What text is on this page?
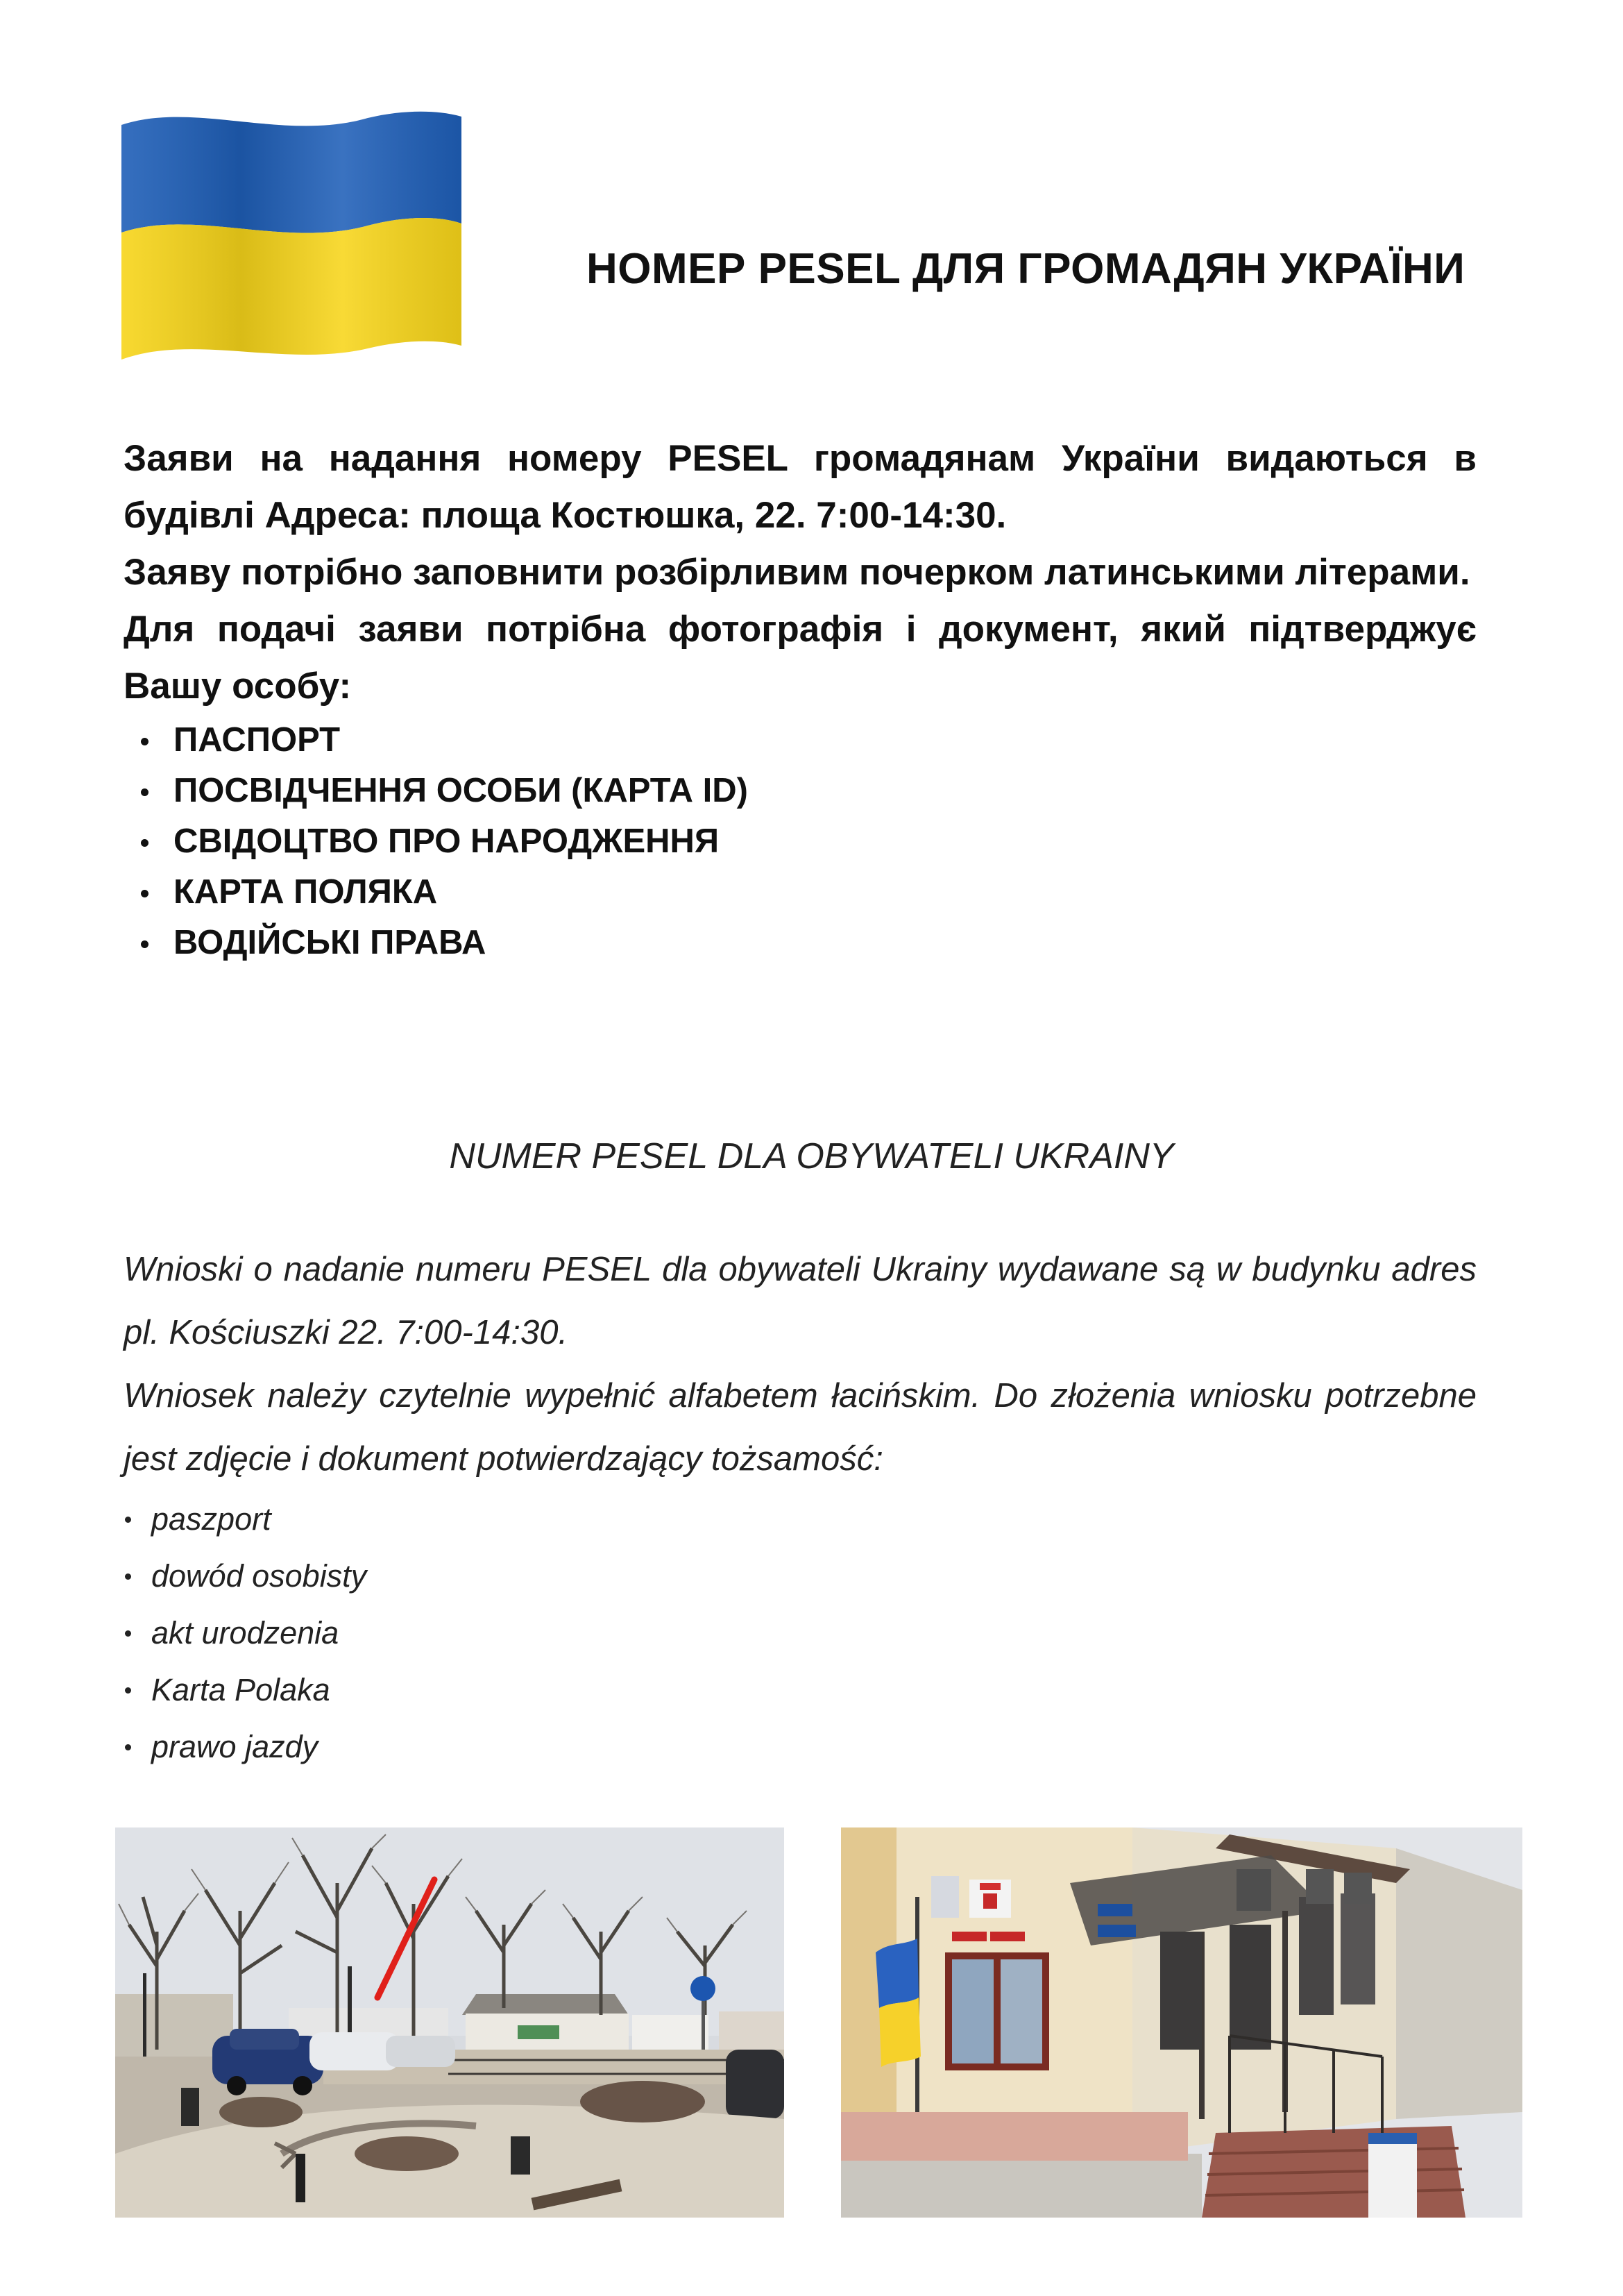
НОМЕР PESEL ДЛЯ ГРОМАДЯН УКРАЇНИ

Заяви на надання номеру PESEL громадянам України видаються в будівлі Адреса: площа Костюшка, 22. 7:00-14:30.

Заяву потрібно заповнити розбірливим почерком латинськими літерами.

Для подачі заяви потрібна фотографія і документ, який підтверджує Вашу особу:

ПАСПОРТ
ПОСВІДЧЕННЯ ОСОБИ (КАРТА ID)
СВІДОЦТВО ПРО НАРОДЖЕННЯ
КАРТА ПОЛЯКА
ВОДІЙСЬКІ ПРАВА
NUMER PESEL DLA OBYWATELI UKRAINY

Wnioski o nadanie numeru PESEL dla obywateli Ukrainy wydawane są w budynku adres pl. Kościuszki 22. 7:00-14:30.

Wniosek należy czytelnie wypełnić alfabetem łacińskim. Do złożenia wniosku potrzebne jest zdjęcie i dokument potwierdzający tożsamość:

paszport
dowód osobisty
akt urodzenia
Karta Polaka
prawo jazdy
